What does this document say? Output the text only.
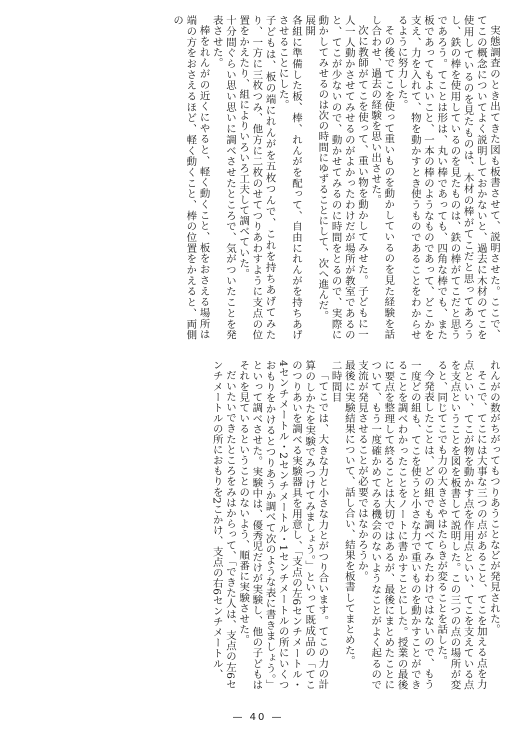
実態調査のとき出てきた図も板書させて、説明させた。ここで、てこの概念についてよく説明しておかないと、過去に木材のてこを使用しているのを見たものは、木材の棒がてこだと思ってあろうし、鉄の棒を使用しているのを見たものは、鉄の棒がてこだと思うであろう。てことは形は、丸い棒であっても、四角な棒でも、また板であってもよいこと、一本の棒のようなものであって、どこかを支え、力を入れて、物を動かすとき使うものであることをわからせるように努力した。
その後でてこを使って重いものを動かしているのを見た経験を話し合わせ、過去の経験を思い出させた。
次に教師がてこを使って、重い物を動かしてみせた。子どもに一人一人動かさせてみせるのがよかったわけだが場所が教室であるのと、てこが少ないので、動かせてみるのに時間をとるので、実際に動かしてみせるのは次の時間にゆずることにして、次へ進んだ。
展開
各組に準備した板、棒、れんがを配って、自由にれんがを持ちあげさせることにした。
子どもは、板の端にれんがを五枚つんで、これを持ちあげてみたり、一方に三枚つみ、他方に二枚のせてつりあわすように支点の位置をかえたり、組によりいろいろ工夫して調べていた。
十分間ぐらい思い思いに調べさせたところで、気がついたことを発表させた。
棒をれんがの近くにやると、軽く動くこと、板をおさえる場所は端の方をおさえるほど、軽く動くこと、棒の位置をかえると、両側の
れんがの数がちがってもつりあうことなどが発見された。
そこで、てこには大事な三つの点があること、てこを加える点を力点といい、てこが物を動かす点を作用点といい、てこを支えている点を支点ということを図を板書して説明した。この三つの点の場所が変ると、同じてこでも力の大きさやはたらきが変ることを話した。
今発表したことは、どの組でも調べてみたわけではないので、もう一度どの組も、てこを使うと小さな力で重いものを動かすことができることを調べわかったことをノートに書かすことにした。授業の最後に要点を整理して終ることは大切ではあるが、最後にまとめたことについて、もう一度確かめてみる機会のないようなことがよく起るので支流が発見させることが必要ではなかろうか。
最後に実験結果について、話し合い、結果を板書してまとめた。
二時間目
「てこでは、大きな力と小さな力とがつり合います。てこの力の計算のしかたを実験でみつけてみましょう。」といって既成品の「てこのつりあいを調べる実験器具を用意し、「支点の左6センチメートル・4センチメートル・2センチメートル・1センチメートルの所にいくつおもりをかけるとつりあうか調べて次のような表に書きましょう。」といって調べさせた。実験中は、優秀児だけが実験し、他の子どもはそれを見ているということのないよう、順番に実験させた。
だいたいできたところをみはからって、「できた人は、支点の左6センチメートルの所におもりを2こかけ、支点の右6センチメートル、
— 40 —
